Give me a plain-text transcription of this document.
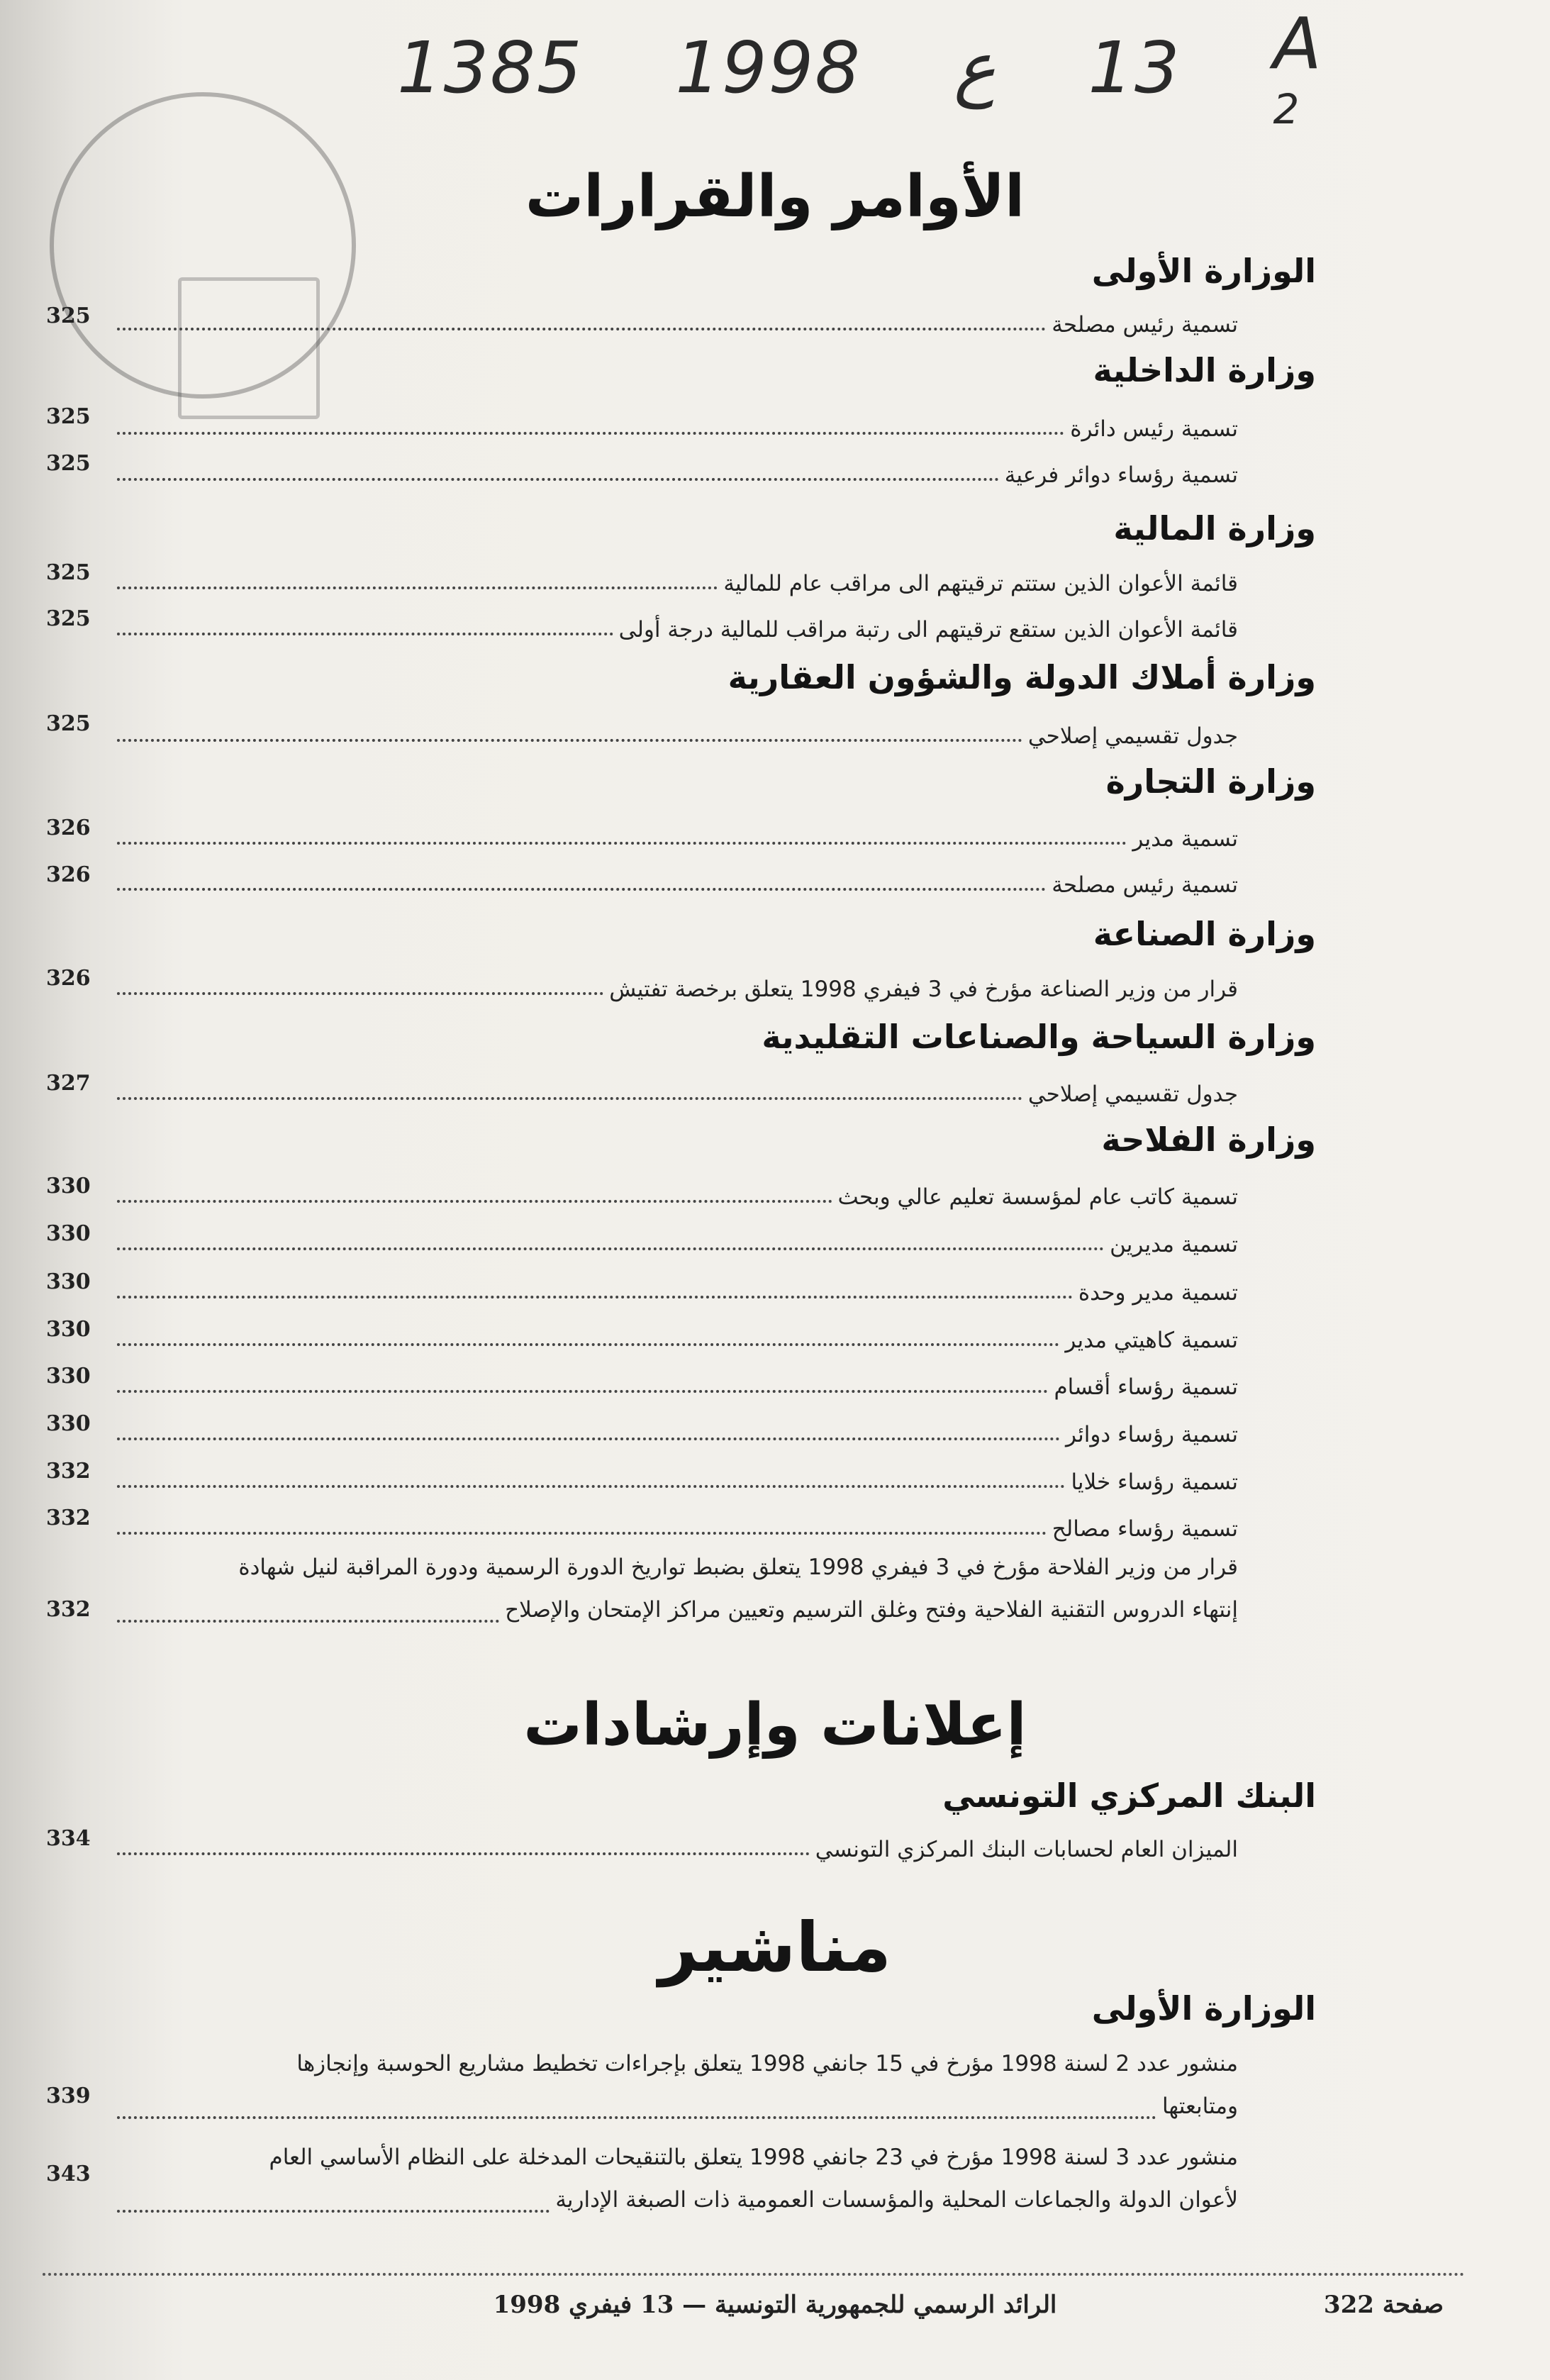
A
2
13
ع
1998
1385
الأوامر والقرارات
الوزارة الأولى
تسمية رئيس مصلحة
325
وزارة الداخلية
تسمية رئيس دائرة
325
تسمية رؤساء دوائر فرعية
325
وزارة المالية
قائمة الأعوان الذين ستتم ترقيتهم الى مراقب عام للمالية
325
قائمة الأعوان الذين ستقع ترقيتهم الى رتبة مراقب للمالية درجة أولى
325
وزارة أملاك الدولة والشؤون العقارية
جدول تقسيمي إصلاحي
325
وزارة التجارة
تسمية مدير
326
تسمية رئيس مصلحة
326
وزارة الصناعة
قرار من وزير الصناعة مؤرخ في 3 فيفري 1998 يتعلق برخصة تفتيش
326
وزارة السياحة والصناعات التقليدية
جدول تقسيمي إصلاحي
327
وزارة الفلاحة
تسمية كاتب عام لمؤسسة تعليم عالي وبحث
330
تسمية مديرين
330
تسمية مدير وحدة
330
تسمية كاهيتي مدير
330
تسمية رؤساء أقسام
330
تسمية رؤساء دوائر
330
تسمية رؤساء خلايا
332
تسمية رؤساء مصالح
332
قرار من وزير الفلاحة مؤرخ في 3 فيفري 1998 يتعلق بضبط تواريخ الدورة الرسمية ودورة المراقبة لنيل شهادة
إنتهاء الدروس التقنية الفلاحية وفتح وغلق الترسيم وتعيين مراكز الإمتحان والإصلاح
332
إعلانات وإرشادات
البنك المركزي التونسي
الميزان العام لحسابات البنك المركزي التونسي
334
مناشير
الوزارة الأولى
منشور عدد 2 لسنة 1998 مؤرخ في 15 جانفي 1998 يتعلق بإجراءات تخطيط مشاريع الحوسبة وإنجازها
ومتابعتها
339
منشور عدد 3 لسنة 1998 مؤرخ في 23 جانفي 1998 يتعلق بالتنقيحات المدخلة على النظام الأساسي العام
لأعوان الدولة والجماعات المحلية والمؤسسات العمومية ذات الصبغة الإدارية
343
صفحة 322
الرائد الرسمي للجمهورية التونسية — 13 فيفري 1998
